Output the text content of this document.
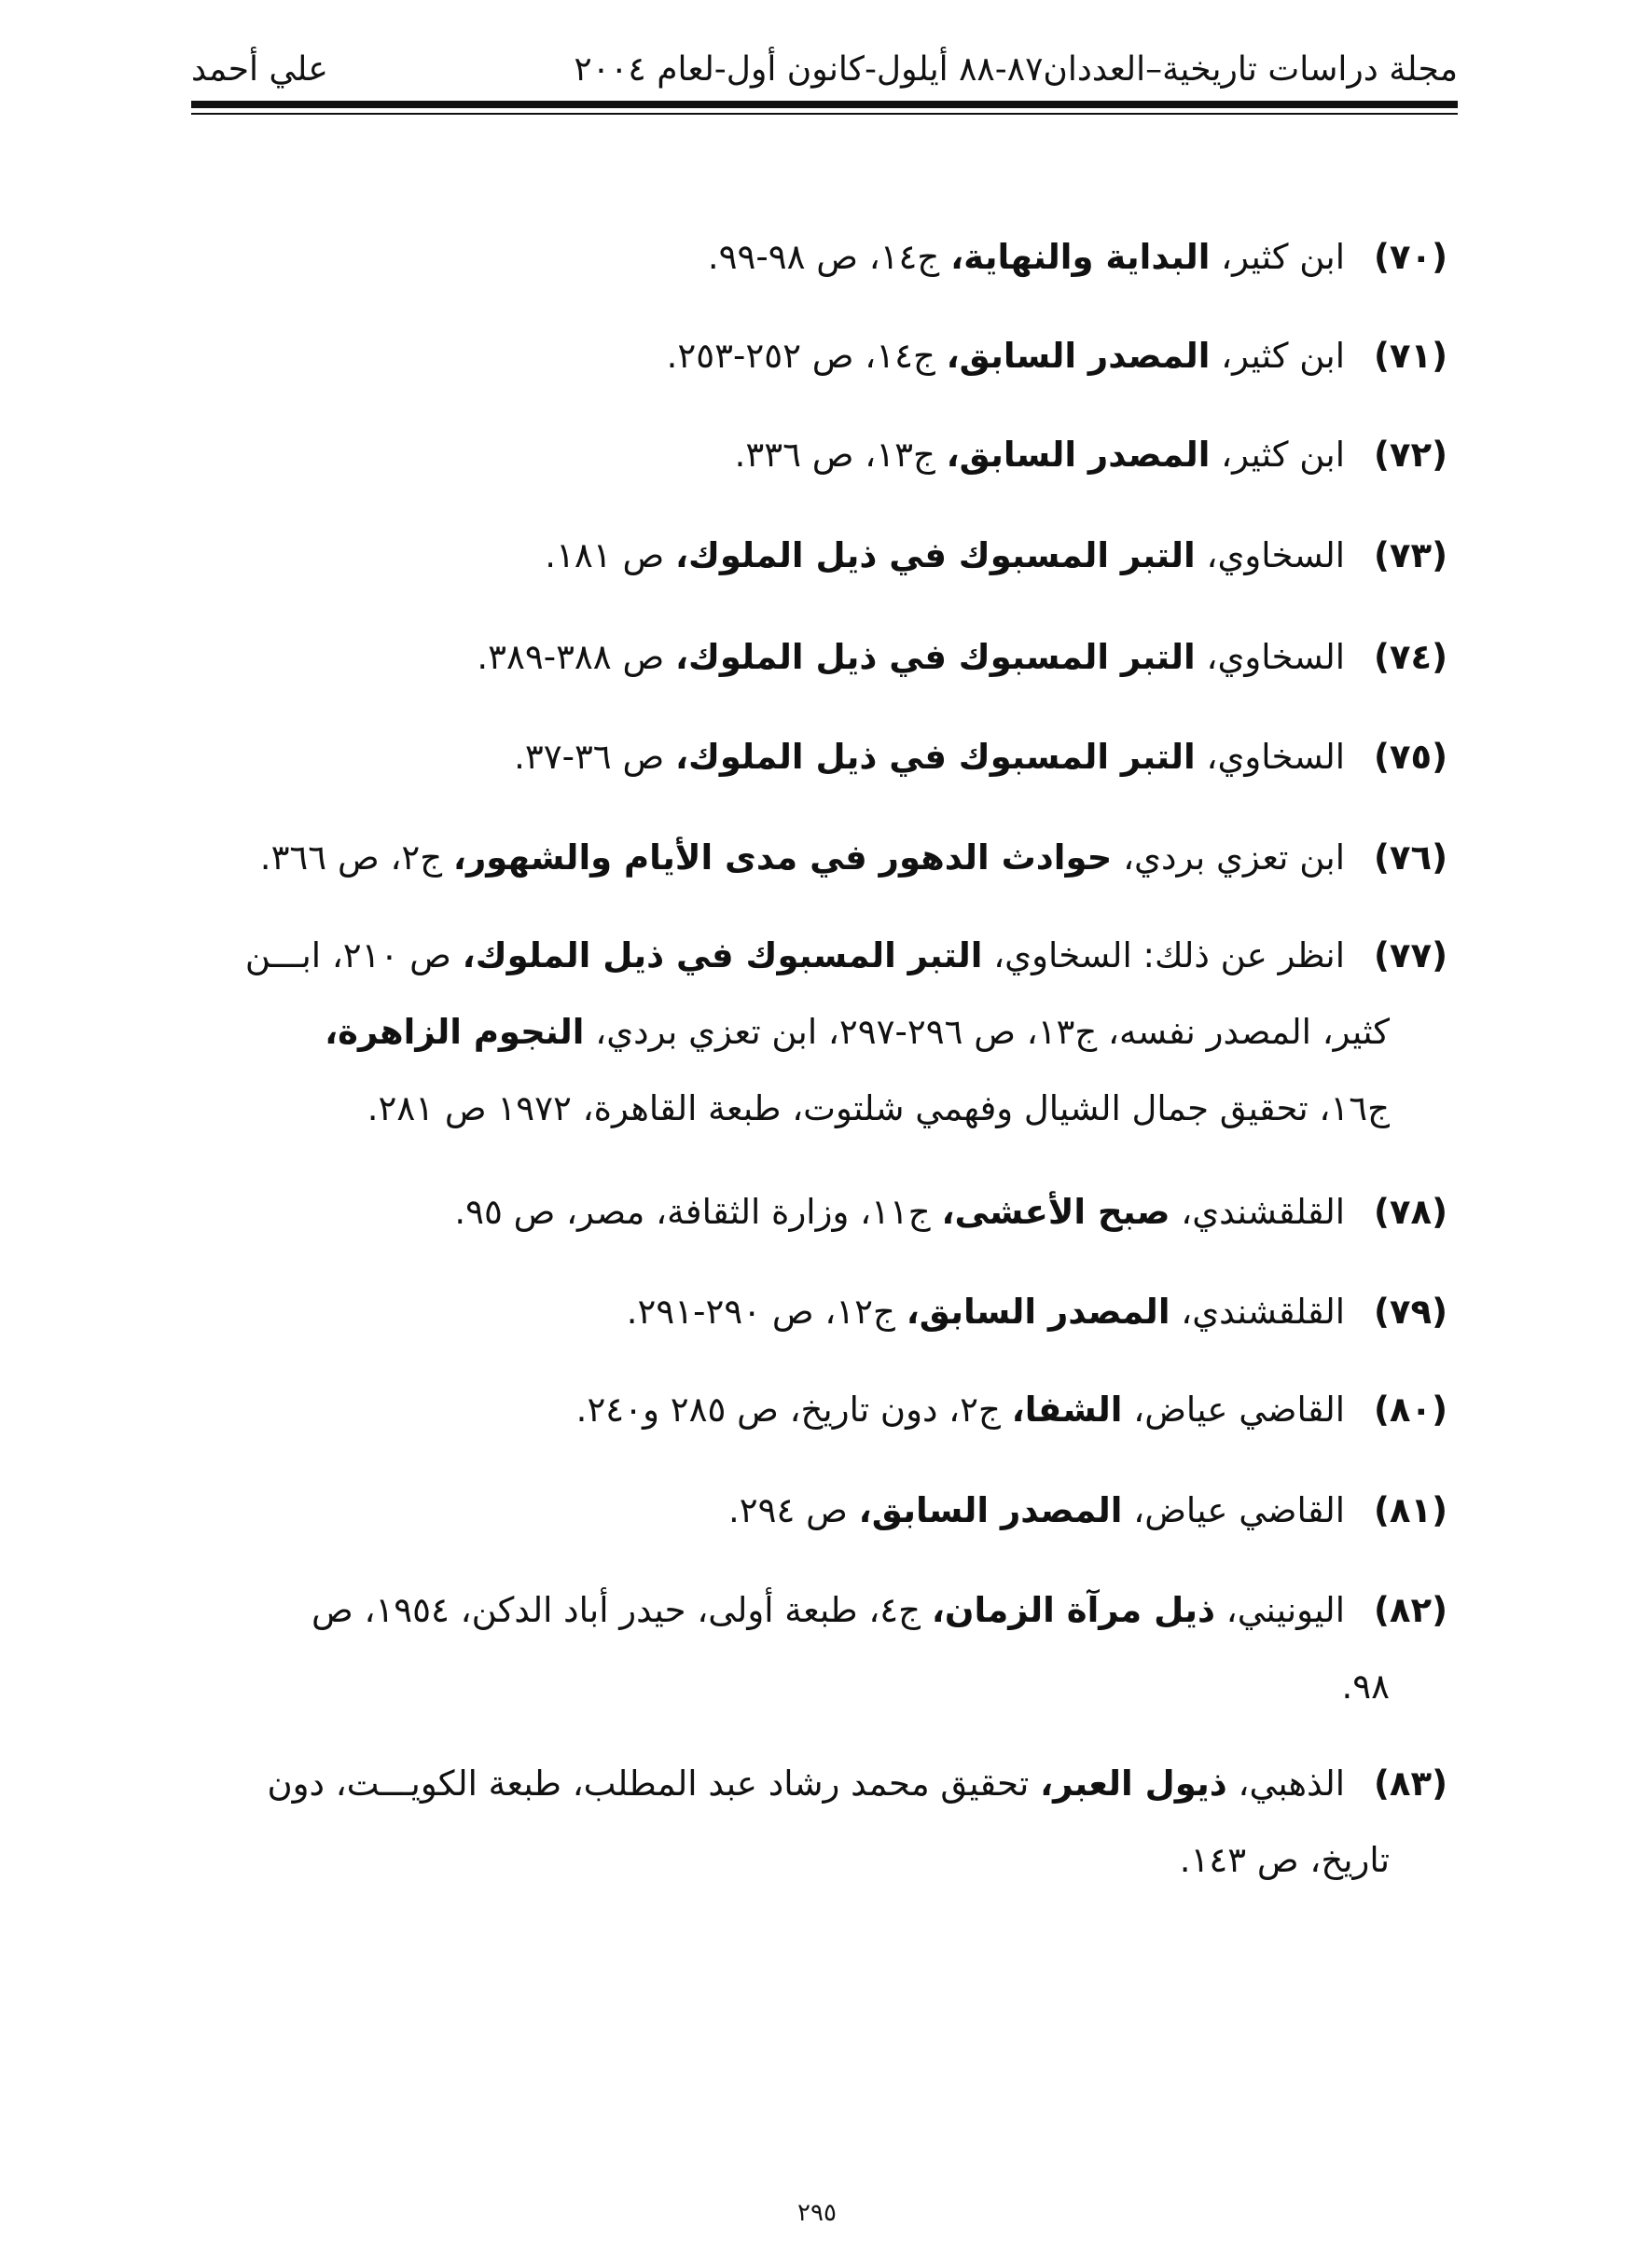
مجلة دراسات تاريخية–العددان٨٧-٨٨ أيلول-كانون أول-لعام ٢٠٠٤
علي أحمد
(٧٠)
ابن كثير، البداية والنهاية، ج١٤، ص ٩٨-٩٩.
(٧١)
ابن كثير، المصدر السابق، ج١٤، ص ٢٥٢-٢٥٣.
(٧٢)
ابن كثير، المصدر السابق، ج١٣، ص ٣٣٦.
(٧٣)
السخاوي، التبر المسبوك في ذيل الملوك، ص ١٨١.
(٧٤)
السخاوي، التبر المسبوك في ذيل الملوك، ص ٣٨٨-٣٨٩.
(٧٥)
السخاوي، التبر المسبوك في ذيل الملوك، ص ٣٦-٣٧.
(٧٦)
ابن تعزي بردي، حوادث الدهور في مدى الأيام والشهور، ج٢، ص ٣٦٦.
(٧٧)
انظر عن ذلك: السخاوي، التبر المسبوك في ذيل الملوك، ص ٢١٠، ابـــن
كثير، المصدر نفسه، ج١٣، ص ٢٩٦-٢٩٧، ابن تعزي بردي، النجوم الزاهرة،
ج١٦، تحقيق جمال الشيال وفهمي شلتوت، طبعة القاهرة، ١٩٧٢ ص ٢٨١.
(٧٨)
القلقشندي، صبح الأعشى، ج١١، وزارة الثقافة، مصر، ص ٩٥.
(٧٩)
القلقشندي، المصدر السابق، ج١٢، ص ٢٩٠-٢٩١.
(٨٠)
القاضي عياض، الشفا، ج٢، دون تاريخ، ص ٢٨٥ و٢٤٠.
(٨١)
القاضي عياض، المصدر السابق، ص ٢٩٤.
(٨٢)
اليونيني، ذيل مرآة الزمان، ج٤، طبعة أولى، حيدر أباد الدكن، ١٩٥٤، ص
٩٨.
(٨٣)
الذهبي، ذيول العبر، تحقيق محمد رشاد عبد المطلب، طبعة الكويـــت، دون
تاريخ، ص ١٤٣.
٢٩٥
